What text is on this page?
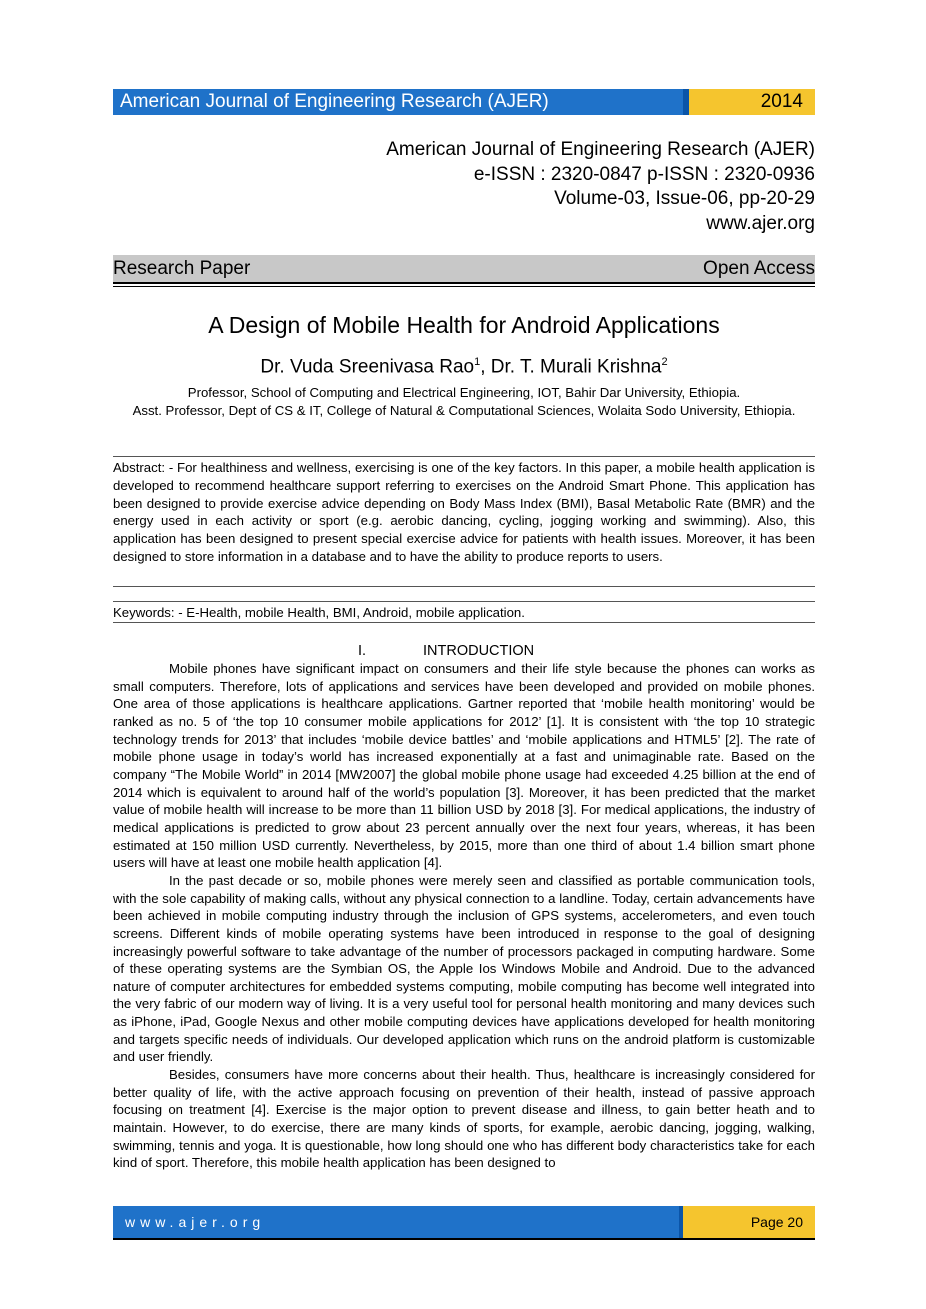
American Journal of Engineering Research (AJER)	2014
American Journal of Engineering Research (AJER)
e-ISSN : 2320-0847 p-ISSN : 2320-0936
Volume-03, Issue-06, pp-20-29
www.ajer.org
Research Paper	Open Access
A Design of Mobile Health for Android Applications
Dr. Vuda Sreenivasa Rao$^1$, Dr. T. Murali Krishna$^2$
Professor, School of Computing and Electrical Engineering, IOT, Bahir Dar University, Ethiopia.
Asst. Professor, Dept of CS & IT, College of Natural & Computational Sciences, Wolaita Sodo University, Ethiopia.
Abstract: - For healthiness and wellness, exercising is one of the key factors. In this paper, a mobile health application is developed to recommend healthcare support referring to exercises on the Android Smart Phone. This application has been designed to provide exercise advice depending on Body Mass Index (BMI), Basal Metabolic Rate (BMR) and the energy used in each activity or sport (e.g. aerobic dancing, cycling, jogging working and swimming). Also, this application has been designed to present special exercise advice for patients with health issues. Moreover, it has been designed to store information in a database and to have the ability to produce reports to users.
Keywords: - E-Health, mobile Health, BMI, Android, mobile application.
I.	INTRODUCTION

Mobile phones have significant impact on consumers and their life style because the phones can works as small computers. Therefore, lots of applications and services have been developed and provided on mobile phones. One area of those applications is healthcare applications. Gartner reported that ‘mobile health monitoring’ would be ranked as no. 5 of ‘the top 10 consumer mobile applications for 2012’ [1]. It is consistent with ‘the top 10 strategic technology trends for 2013’ that includes ‘mobile device battles’ and ‘mobile applications and HTML5’ [2]. The rate of mobile phone usage in today’s world has increased exponentially at a fast and unimaginable rate. Based on the company “The Mobile World” in 2014 [MW2007] the global mobile phone usage had exceeded 4.25 billion at the end of 2014 which is equivalent to around half of the world’s population [3]. Moreover, it has been predicted that the market value of mobile health will increase to be more than 11 billion USD by 2018 [3]. For medical applications, the industry of medical applications is predicted to grow about 23 percent annually over the next four years, whereas, it has been estimated at 150 million USD currently. Nevertheless, by 2015, more than one third of about 1.4 billion smart phone users will have at least one mobile health application [4].

In the past decade or so, mobile phones were merely seen and classified as portable communication tools, with the sole capability of making calls, without any physical connection to a landline. Today, certain advancements have been achieved in mobile computing industry through the inclusion of GPS systems, accelerometers, and even touch screens. Different kinds of mobile operating systems have been introduced in response to the goal of designing increasingly powerful software to take advantage of the number of processors packaged in computing hardware. Some of these operating systems are the Symbian OS, the Apple Ios Windows Mobile and Android. Due to the advanced nature of computer architectures for embedded systems computing, mobile computing has become well integrated into the very fabric of our modern way of living. It is a very useful tool for personal health monitoring and many devices such as iPhone, iPad, Google Nexus and other mobile computing devices have applications developed for health monitoring and targets specific needs of individuals. Our developed application which runs on the android platform is customizable and user friendly.

Besides, consumers have more concerns about their health. Thus, healthcare is increasingly considered for better quality of life, with the active approach focusing on prevention of their health, instead of passive approach focusing on treatment [4]. Exercise is the major option to prevent disease and illness, to gain better heath and to maintain. However, to do exercise, there are many kinds of sports, for example, aerobic dancing, jogging, walking, swimming, tennis and yoga. It is questionable, how long should one who has different body characteristics take for each kind of sport. Therefore, this mobile health application has been designed to

www.ajer.org	Page 20
